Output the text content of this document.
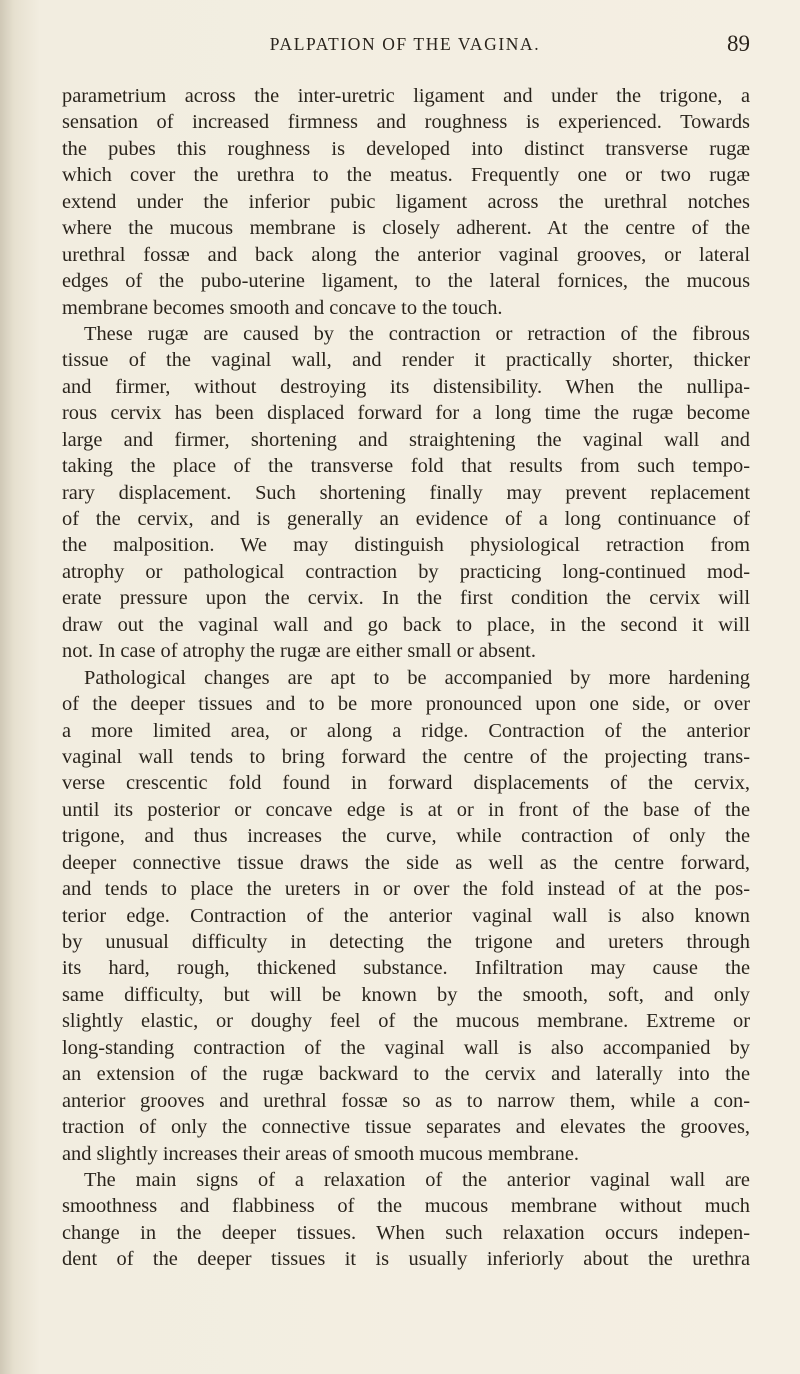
PALPATION OF THE VAGINA.	89
parametrium across the inter-uretric ligament and under the trigone, a
sensation of increased firmness and roughness is experienced. Towards
the pubes this roughness is developed into distinct transverse rugæ
which cover the urethra to the meatus. Frequently one or two rugæ
extend under the inferior pubic ligament across the urethral notches
where the mucous membrane is closely adherent. At the centre of the
urethral fossæ and back along the anterior vaginal grooves, or lateral
edges of the pubo-uterine ligament, to the lateral fornices, the mucous
membrane becomes smooth and concave to the touch.
These rugæ are caused by the contraction or retraction of the fibrous
tissue of the vaginal wall, and render it practically shorter, thicker
and firmer, without destroying its distensibility. When the nullipa-
rous cervix has been displaced forward for a long time the rugæ become
large and firmer, shortening and straightening the vaginal wall and
taking the place of the transverse fold that results from such tempo-
rary displacement. Such shortening finally may prevent replacement
of the cervix, and is generally an evidence of a long continuance of
the malposition. We may distinguish physiological retraction from
atrophy or pathological contraction by practicing long-continued mod-
erate pressure upon the cervix. In the first condition the cervix will
draw out the vaginal wall and go back to place, in the second it will
not. In case of atrophy the rugæ are either small or absent.
Pathological changes are apt to be accompanied by more hardening
of the deeper tissues and to be more pronounced upon one side, or over
a more limited area, or along a ridge. Contraction of the anterior
vaginal wall tends to bring forward the centre of the projecting trans-
verse crescentic fold found in forward displacements of the cervix,
until its posterior or concave edge is at or in front of the base of the
trigone, and thus increases the curve, while contraction of only the
deeper connective tissue draws the side as well as the centre forward,
and tends to place the ureters in or over the fold instead of at the pos-
terior edge. Contraction of the anterior vaginal wall is also known
by unusual difficulty in detecting the trigone and ureters through
its hard, rough, thickened substance. Infiltration may cause the
same difficulty, but will be known by the smooth, soft, and only
slightly elastic, or doughy feel of the mucous membrane. Extreme or
long-standing contraction of the vaginal wall is also accompanied by
an extension of the rugæ backward to the cervix and laterally into the
anterior grooves and urethral fossæ so as to narrow them, while a con-
traction of only the connective tissue separates and elevates the grooves,
and slightly increases their areas of smooth mucous membrane.
The main signs of a relaxation of the anterior vaginal wall are
smoothness and flabbiness of the mucous membrane without much
change in the deeper tissues. When such relaxation occurs indepen-
dent of the deeper tissues it is usually inferiorly about the urethra
